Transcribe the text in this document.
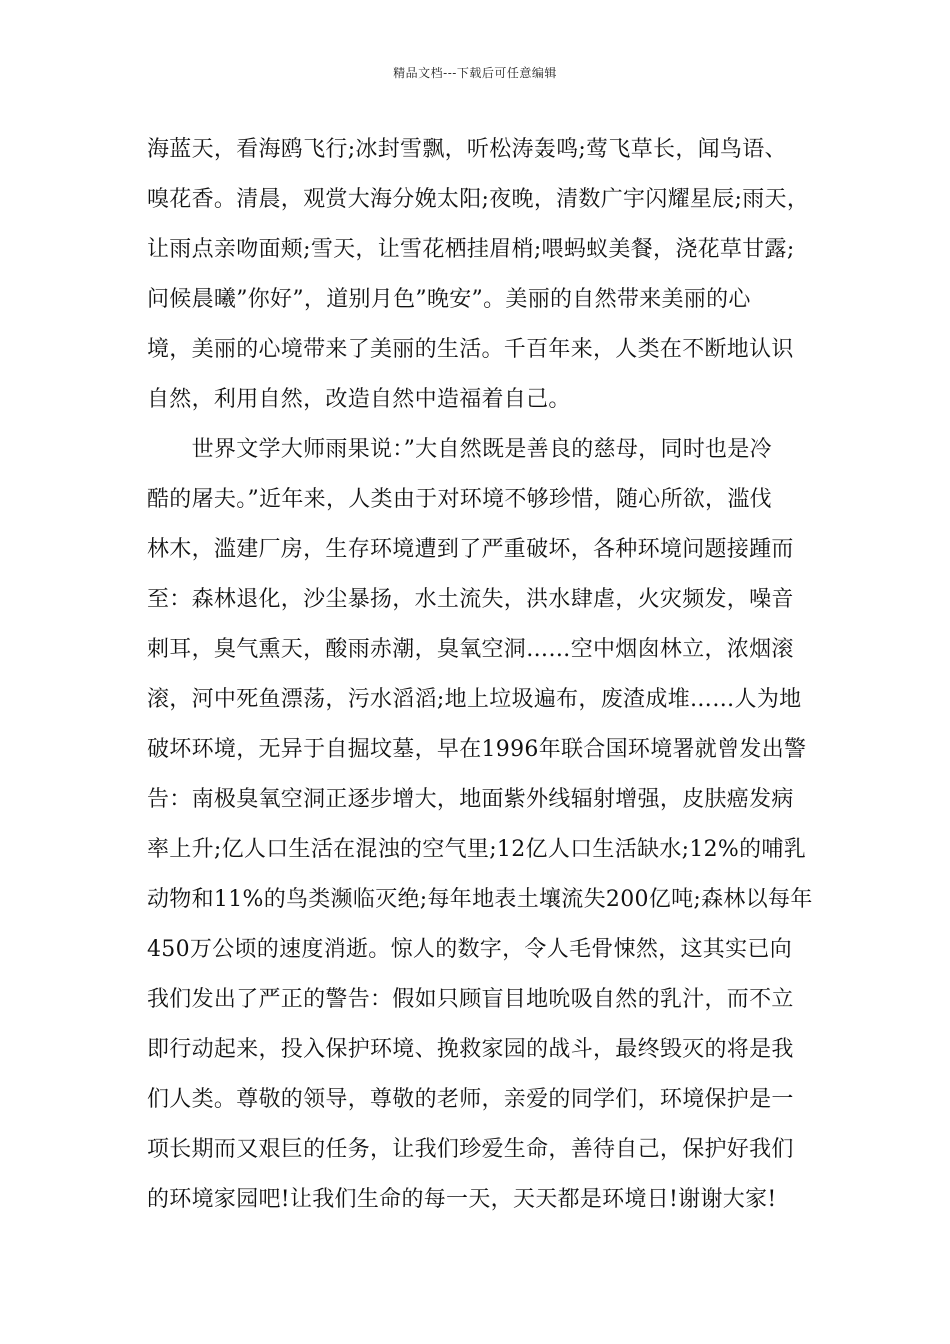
精品文档---下载后可任意编辑
海蓝天，看海鸥飞行;冰封雪飘，听松涛轰鸣;莺飞草长，闻鸟语、
嗅花香。清晨，观赏大海分娩太阳;夜晚，清数广宇闪耀星辰;雨天，
让雨点亲吻面颊;雪天，让雪花栖挂眉梢;喂蚂蚁美餐，浇花草甘露;
问候晨曦”你好”，道别月色”晚安”。美丽的自然带来美丽的心
境，美丽的心境带来了美丽的生活。千百年来，人类在不断地认识
自然，利用自然，改造自然中造福着自己。
　　世界文学大师雨果说：”大自然既是善良的慈母，同时也是冷
酷的屠夫。”近年来，人类由于对环境不够珍惜，随心所欲，滥伐
林木，滥建厂房，生存环境遭到了严重破坏，各种环境问题接踵而
至：森林退化，沙尘暴扬，水土流失，洪水肆虐，火灾频发，噪音
刺耳，臭气熏天，酸雨赤潮，臭氧空洞……空中烟囱林立，浓烟滚
滚，河中死鱼漂荡，污水滔滔;地上垃圾遍布，废渣成堆……人为地
破坏环境，无异于自掘坟墓，早在1996年联合国环境署就曾发出警
告：南极臭氧空洞正逐步增大，地面紫外线辐射增强，皮肤癌发病
率上升;亿人口生活在混浊的空气里;12亿人口生活缺水;12%的哺乳
动物和11%的鸟类濒临灭绝;每年地表土壤流失200亿吨;森林以每年
450万公顷的速度消逝。惊人的数字，令人毛骨悚然，这其实已向
我们发出了严正的警告：假如只顾盲目地吮吸自然的乳汁，而不立
即行动起来，投入保护环境、挽救家园的战斗，最终毁灭的将是我
们人类。尊敬的领导，尊敬的老师，亲爱的同学们，环境保护是一
项长期而又艰巨的任务，让我们珍爱生命，善待自己，保护好我们
的环境家园吧!让我们生命的每一天，天天都是环境日!谢谢大家!
